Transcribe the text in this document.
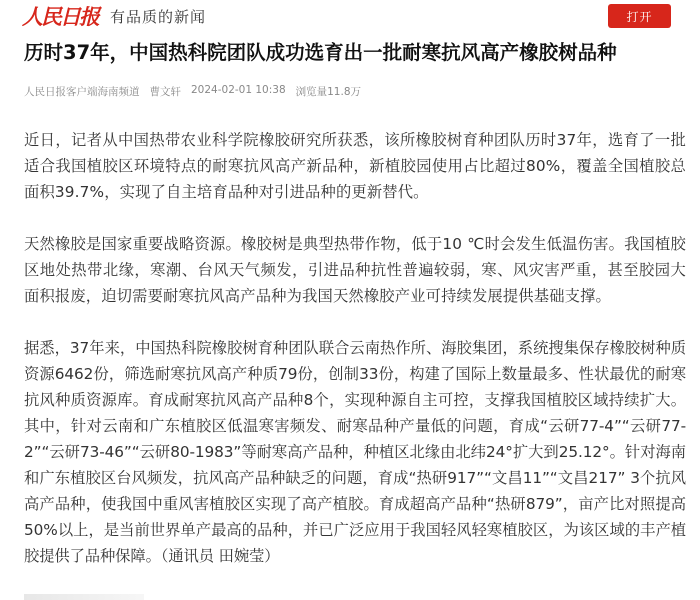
人民日报 有品质的新闻	打开
历时37年，中国热科院团队成功选育出一批耐寒抗风高产橡胶树品种
人民日报客户端海南频道 曹文轩 2024-02-01 10:38 浏览量11.8万

近日，记者从中国热带农业科学院橡胶研究所获悉，该所橡胶树育种团队历时37年，选育了一批适合我国植胶区环境特点的耐寒抗风高产新品种，新植胶园使用占比超过80%，覆盖全国植胶总面积39.7%，实现了自主培育品种对引进品种的更新替代。

天然橡胶是国家重要战略资源。橡胶树是典型热带作物，低于10 ℃时会发生低温伤害。我国植胶区地处热带北缘，寒潮、台风天气频发，引进品种抗性普遍较弱，寒、风灾害严重，甚至胶园大面积报废，迫切需要耐寒抗风高产品种为我国天然橡胶产业可持续发展提供基础支撑。

据悉，37年来，中国热科院橡胶树育种团队联合云南热作所、海胶集团，系统搜集保存橡胶树种质资源6462份，筛选耐寒抗风高产种质79份，创制33份，构建了国际上数量最多、性状最优的耐寒抗风种质资源库。育成耐寒抗风高产品种8个，实现种源自主可控，支撑我国植胶区域持续扩大。其中，针对云南和广东植胶区低温寒害频发、耐寒品种产量低的问题，育成“云研77-4”“云研77-2”“云研73-46”“云研80-1983”等耐寒高产品种，种植区北缘由北纬24°扩大到25.12°。针对海南和广东植胶区台风频发，抗风高产品种缺乏的问题，育成“热研917”“文昌11”“文昌217” 3个抗风高产品种，使我国中重风害植胶区实现了高产植胶。育成超高产品种“热研879”，亩产比对照提高50%以上，是当前世界单产最高的品种，并已广泛应用于我国轻风轻寒植胶区，为该区域的丰产植胶提供了品种保障。（通讯员 田婉莹）
